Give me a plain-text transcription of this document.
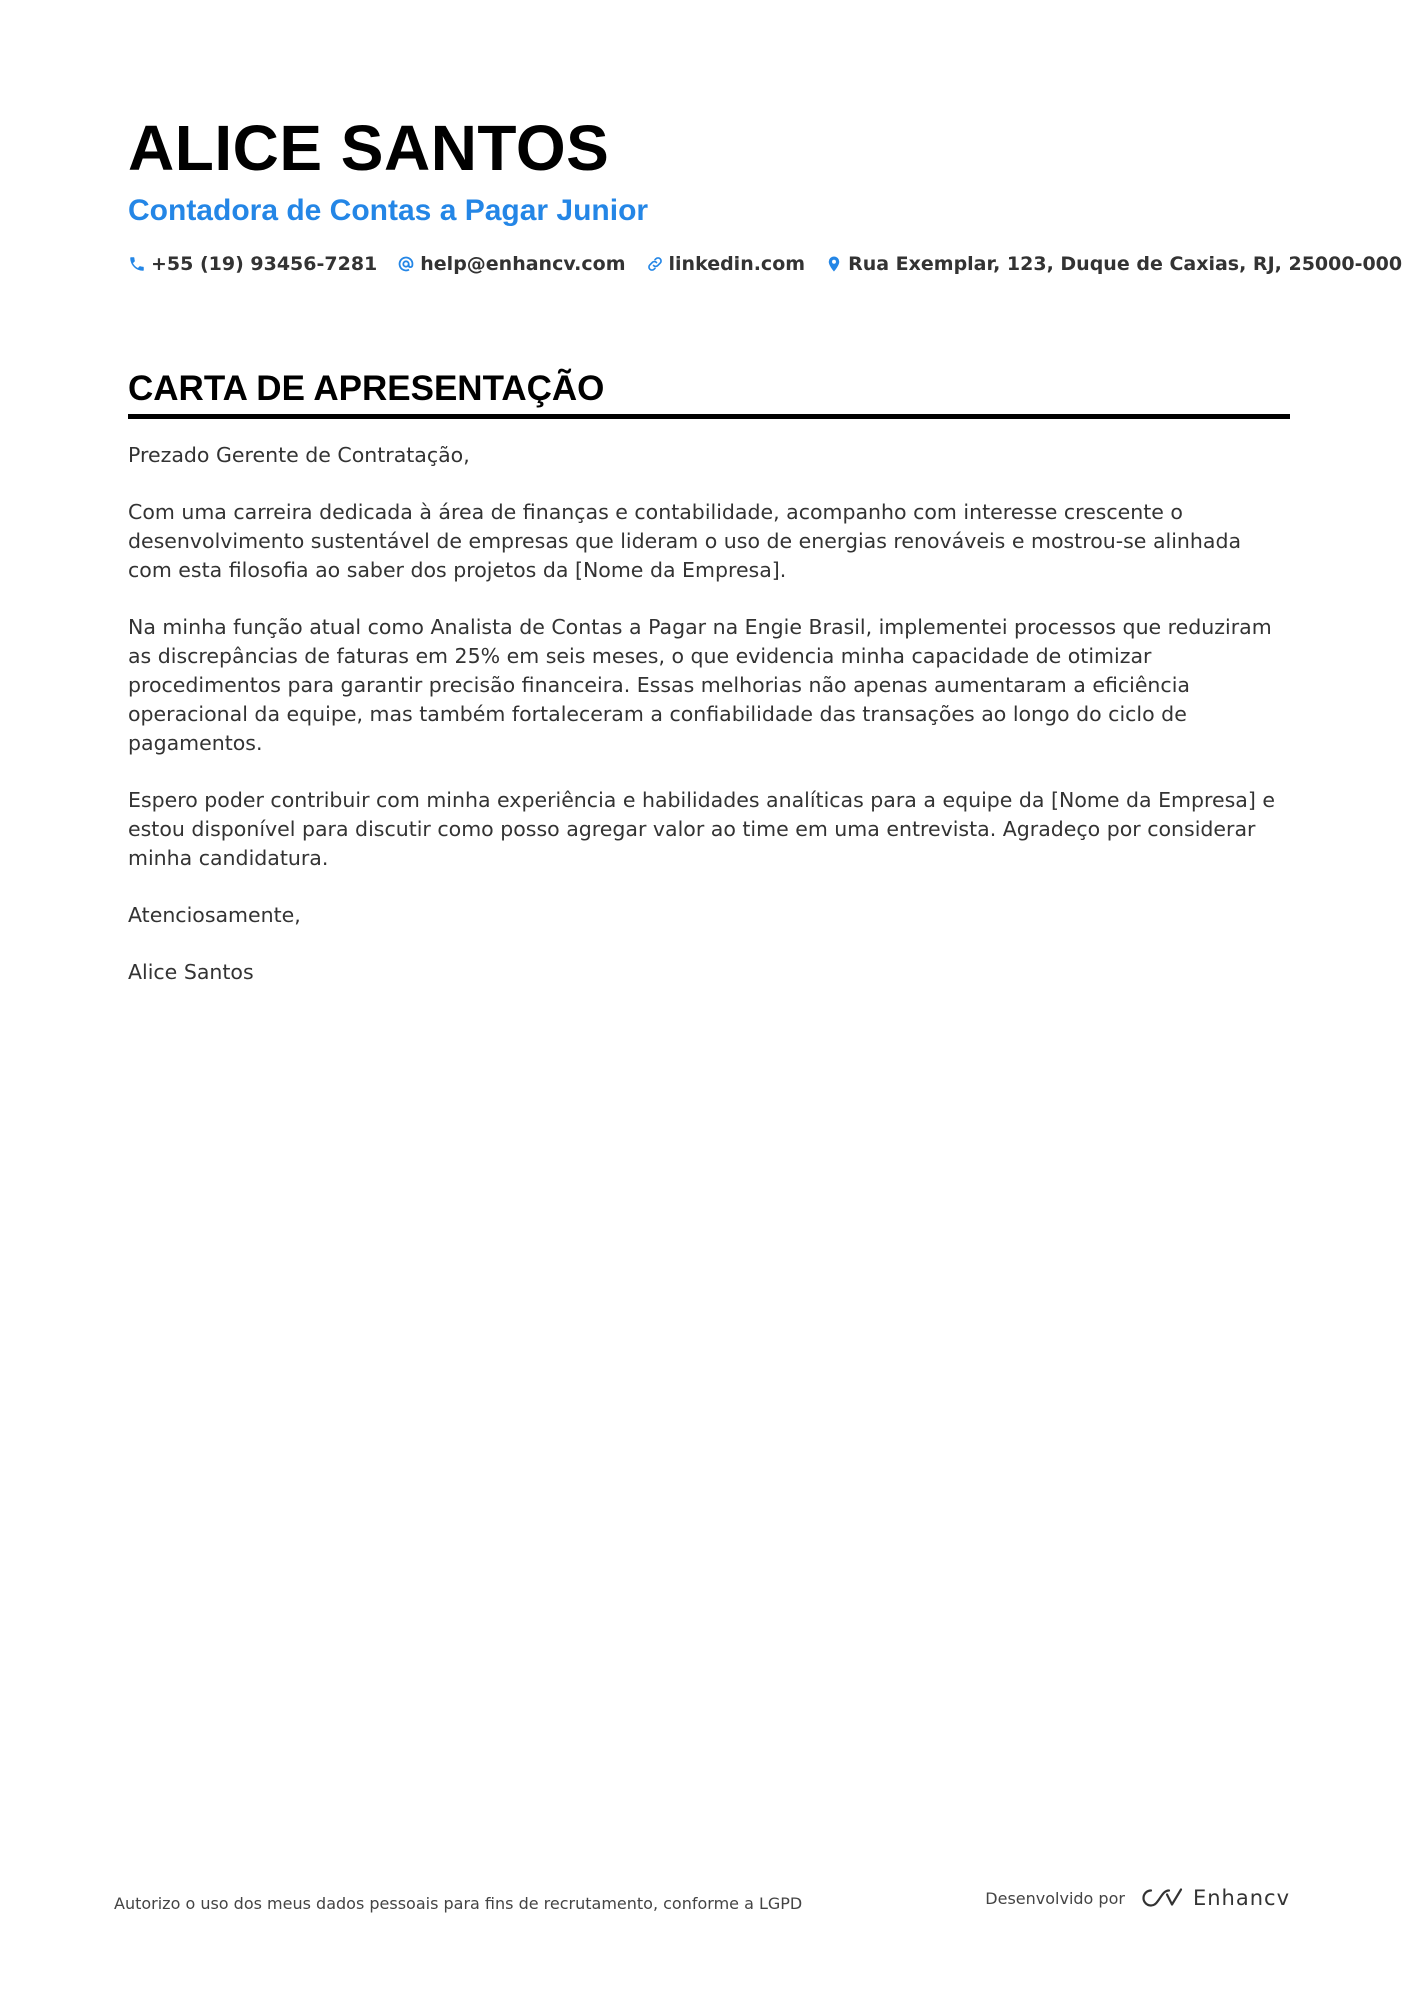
ALICE SANTOS
Contadora de Contas a Pagar Junior
+55 (19) 93456-7281 help@enhancv.com linkedin.com Rua Exemplar, 123, Duque de Caxias, RJ, 25000-000
CARTA DE APRESENTAÇÃO

Prezado Gerente de Contratação,

Com uma carreira dedicada à área de finanças e contabilidade, acompanho com interesse crescente o desenvolvimento sustentável de empresas que lideram o uso de energias renováveis e mostrou-se alinhada com esta filosofia ao saber dos projetos da [Nome da Empresa].

Na minha função atual como Analista de Contas a Pagar na Engie Brasil, implementei processos que reduziram as discrepâncias de faturas em 25% em seis meses, o que evidencia minha capacidade de otimizar procedimentos para garantir precisão financeira. Essas melhorias não apenas aumentaram a eficiência operacional da equipe, mas também fortaleceram a confiabilidade das transações ao longo do ciclo de pagamentos.

Espero poder contribuir com minha experiência e habilidades analíticas para a equipe da [Nome da Empresa] e estou disponível para discutir como posso agregar valor ao time em uma entrevista. Agradeço por considerar minha candidatura.

Atenciosamente,

Alice Santos

Autorizo o uso dos meus dados pessoais para fins de recrutamento, conforme a LGPD	Desenvolvido por	Enhancv
